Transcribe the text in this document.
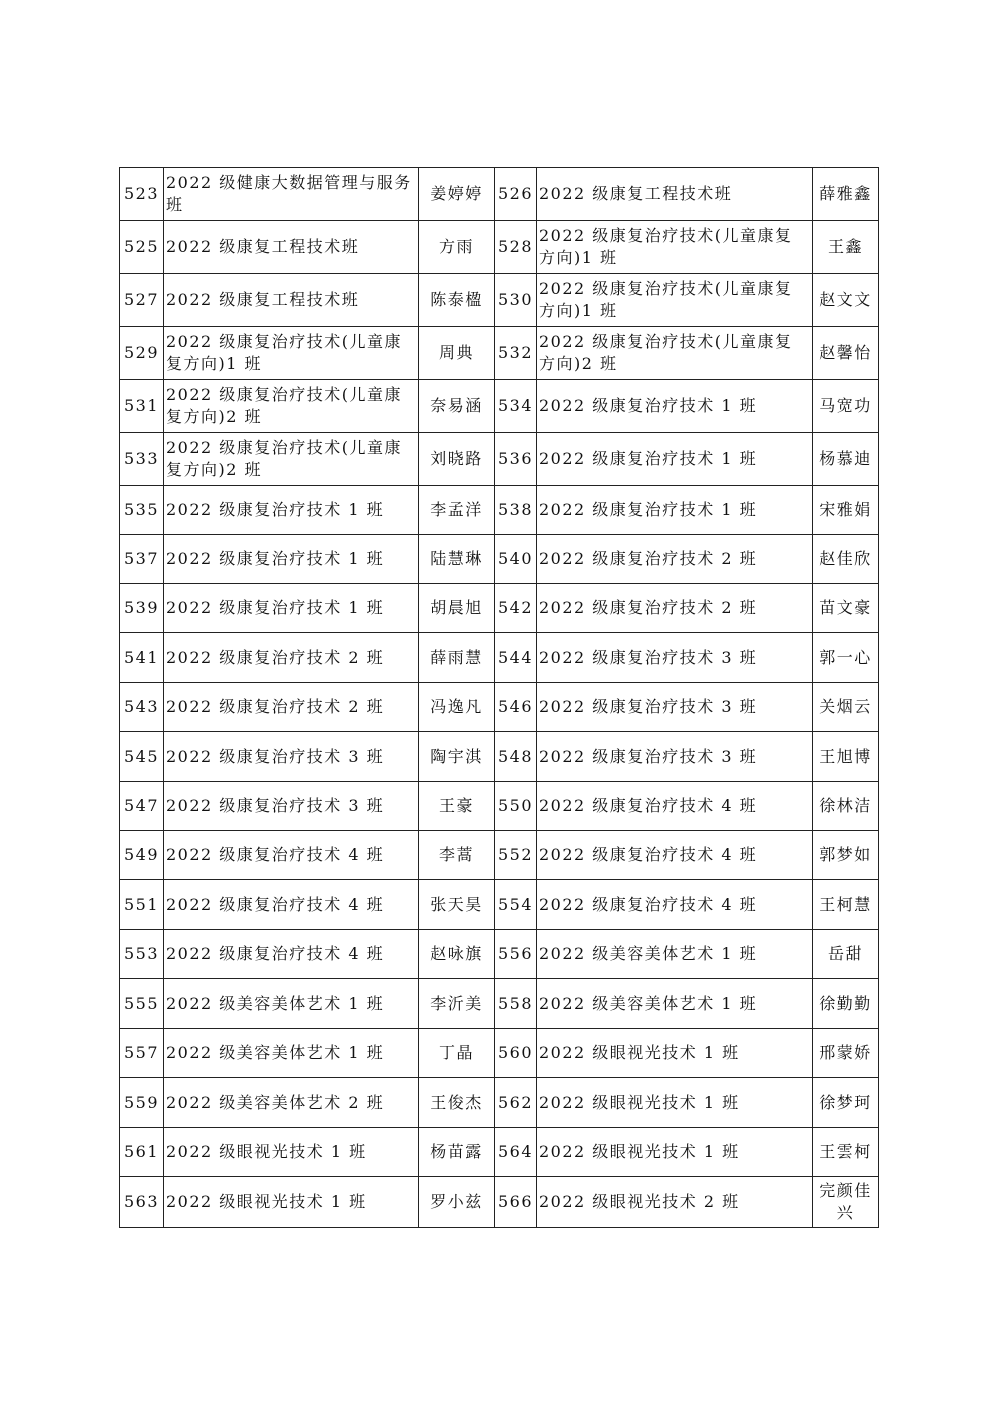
523	2022 级健康大数据管理与服务班	姜婷婷	526	2022 级康复工程技术班	薛雅鑫
525	2022 级康复工程技术班	方雨	528	2022 级康复治疗技术(儿童康复方向)1 班	王鑫
527	2022 级康复工程技术班	陈泰楹	530	2022 级康复治疗技术(儿童康复方向)1 班	赵文文
529	2022 级康复治疗技术(儿童康复方向)1 班	周典	532	2022 级康复治疗技术(儿童康复方向)2 班	赵馨怡
531	2022 级康复治疗技术(儿童康复方向)2 班	奈易涵	534	2022 级康复治疗技术 1 班	马宽功
533	2022 级康复治疗技术(儿童康复方向)2 班	刘晓路	536	2022 级康复治疗技术 1 班	杨慕迪
535	2022 级康复治疗技术 1 班	李孟洋	538	2022 级康复治疗技术 1 班	宋雅娟
537	2022 级康复治疗技术 1 班	陆慧琳	540	2022 级康复治疗技术 2 班	赵佳欣
539	2022 级康复治疗技术 1 班	胡晨旭	542	2022 级康复治疗技术 2 班	苗文豪
541	2022 级康复治疗技术 2 班	薛雨慧	544	2022 级康复治疗技术 3 班	郭一心
543	2022 级康复治疗技术 2 班	冯逸凡	546	2022 级康复治疗技术 3 班	关烟云
545	2022 级康复治疗技术 3 班	陶宇淇	548	2022 级康复治疗技术 3 班	王旭博
547	2022 级康复治疗技术 3 班	王豪	550	2022 级康复治疗技术 4 班	徐林洁
549	2022 级康复治疗技术 4 班	李蒿	552	2022 级康复治疗技术 4 班	郭梦如
551	2022 级康复治疗技术 4 班	张天昊	554	2022 级康复治疗技术 4 班	王柯慧
553	2022 级康复治疗技术 4 班	赵咏旗	556	2022 级美容美体艺术 1 班	岳甜
555	2022 级美容美体艺术 1 班	李沂美	558	2022 级美容美体艺术 1 班	徐勤勤
557	2022 级美容美体艺术 1 班	丁晶	560	2022 级眼视光技术 1 班	邢蒙娇
559	2022 级美容美体艺术 2 班	王俊杰	562	2022 级眼视光技术 1 班	徐梦珂
561	2022 级眼视光技术 1 班	杨苗露	564	2022 级眼视光技术 1 班	王雲柯
563	2022 级眼视光技术 1 班	罗小兹	566	2022 级眼视光技术 2 班	完颜佳兴
